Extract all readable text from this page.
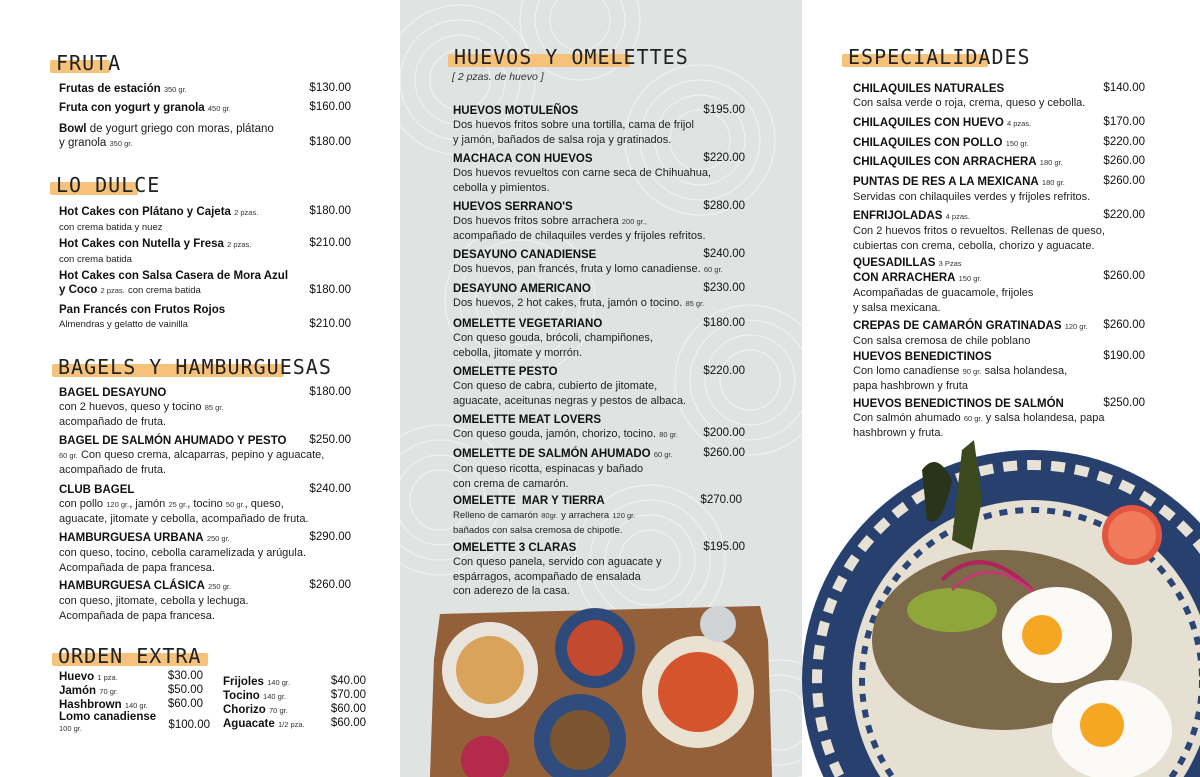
FRUTA
Frutas de estación 350 gr.	$130.00
Fruta con yogurt y granola 450 gr.	$160.00
Bowl de yogurt griego con moras, plátano
y granola 350 gr.	$180.00
LO DULCE
Hot Cakes con Plátano y Cajeta 2 pzas.
con crema batida y nuez
$180.00
Hot Cakes con Nutella y Fresa 2 pzas.
con crema batida
$210.00
Hot Cakes con Salsa Casera de Mora Azul
y Coco 2 pzas. con crema batida	$180.00
Pan Francés con Frutos Rojos
Almendras y gelatto de vainilla	$210.00
BAGELS Y HAMBURGUESAS
BAGEL DESAYUNO
con 2 huevos, queso y tocino 85 gr.
acompañado de fruta.
$180.00
BAGEL DE SALMÓN AHUMADO Y PESTO
60 gr. Con queso crema, alcaparras, pepino y aguacate,
acompañado de fruta.
$250.00
CLUB BAGEL
con pollo 120 gr., jamón 25 gr., tocino 50 gr., queso,
aguacate, jitomate y cebolla, acompañado de fruta.
$240.00
HAMBURGUESA URBANA 250 gr.
con queso, tocino, cebolla caramelizada y arúgula.
Acompañada de papa francesa.
$290.00
HAMBURGUESA CLÁSICA 250 gr.
con queso, jitomate, cebolla y lechuga.
Acompañada de papa francesa.
$260.00
ORDEN EXTRA
Huevo 1 pza.	$30.00
Jamón 70 gr.	$50.00
Hashbrown 140 gr.	$60.00
Lomo canadiense
100 gr.	$100.00
Frijoles 140 gr.	$40.00
Tocino 140 gr.	$70.00
Chorizo 70 gr.	$60.00
Aguacate 1/2 pza.	$60.00
HUEVOS Y OMELETTES
[ 2 pzas. de huevo ]
HUEVOS MOTULEÑOS
Dos huevos fritos sobre una tortilla, cama de frijol
y jamón, bañados de salsa roja y gratinados.
$195.00
MACHACA CON HUEVOS
Dos huevos revueltos con carne seca de Chihuahua,
cebolla y pimientos.
$220.00
HUEVOS SERRANO'S
Dos huevos fritos sobre arrachera 200 gr.,
acompañado de chilaquiles verdes y frijoles refritos.
$280.00
DESAYUNO CANADIENSE
Dos huevos, pan francés, fruta y lomo canadiense. 60 gr.
$240.00
DESAYUNO AMERICANO
Dos huevos, 2 hot cakes, fruta, jamón o tocino. 85 gr.
$230.00
OMELETTE VEGETARIANO
Con queso gouda, brócoli, champiñones,
cebolla, jitomate y morrón.
$180.00
OMELETTE PESTO
Con queso de cabra, cubierto de jitomate,
aguacate, aceitunas negras y pestos de albaca.
$220.00
OMELETTE MEAT LOVERS
Con queso gouda, jamón, chorizo, tocino. 80 gr.	$200.00
OMELETTE DE SALMÓN AHUMADO 60 gr.
Con queso ricotta, espinacas y bañado
con crema de camarón.
$260.00
OMELETTE  MAR Y TIERRA
Relleno de camarón 80gr. y arrachera 120 gr.
bañados con salsa cremosa de chipotle.
$270.00
OMELETTE 3 CLARAS
Con queso panela, servido con aguacate y
espárragos, acompañado de ensalada
con aderezo de la casa.
$195.00
ESPECIALIDADES
CHILAQUILES NATURALES
Con salsa verde o roja, crema, queso y cebolla.
$140.00
CHILAQUILES CON HUEVO 4 pzas.	$170.00
CHILAQUILES CON POLLO 150 gr.	$220.00
CHILAQUILES CON ARRACHERA 180 gr.	$260.00
PUNTAS DE RES A LA MEXICANA 180 gr.
Servidas con chilaquiles verdes y frijoles refritos.
$260.00
ENFRIJOLADAS 4 pzas.
Con 2 huevos fritos o revueltos. Rellenas de queso,
cubiertas con crema, cebolla, chorizo y aguacate.
$220.00
QUESADILLAS 3 Pzas
CON ARRACHERA 150 gr.
Acompañadas de guacamole, frijoles
y salsa mexicana.
$260.00
CREPAS DE CAMARÓN GRATINADAS 120 gr.
Con salsa cremosa de chile poblano
$260.00
HUEVOS BENEDICTINOS
Con lomo canadiense 90 gr. salsa holandesa,
papa hashbrown y fruta
$190.00
HUEVOS BENEDICTINOS DE SALMÓN
Con salmón ahumado 60 gr. y salsa holandesa, papa
hashbrown y fruta.
$250.00
